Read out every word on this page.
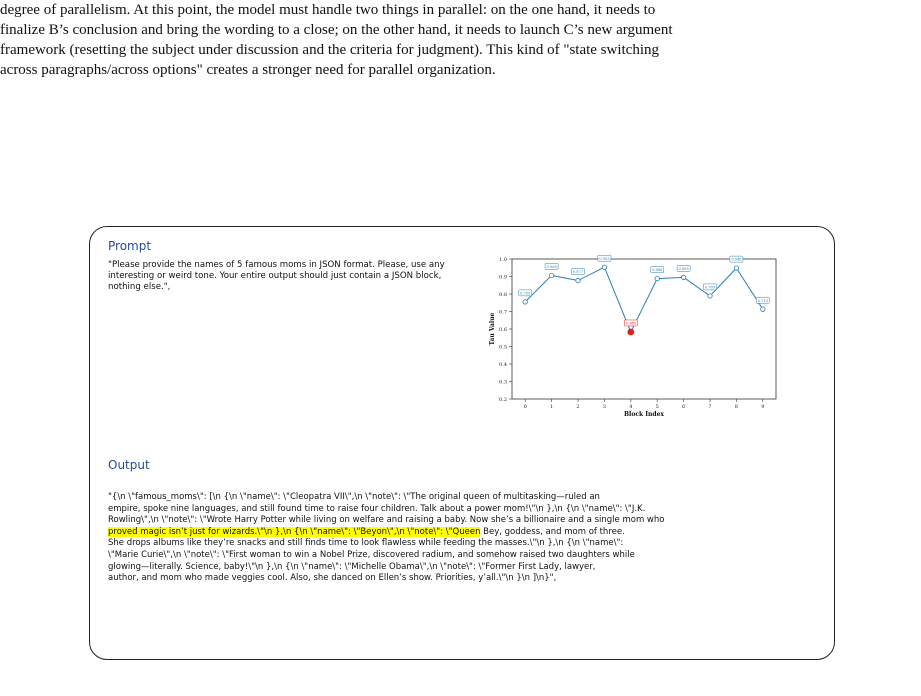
degree of parallelism. At this point, the model must handle two things in parallel: on the one hand, it needs to
finalize B’s conclusion and bring the wording to a close; on the other hand, it needs to launch C’s new argument
framework (resetting the subject under discussion and the criteria for judgment). This kind of "state switching
across paragraphs/across options" creates a stronger need for parallel organization.
Prompt
"Please provide the names of 5 famous moms in JSON format. Please, use any interesting or weird tone. Your entire output should just contain a JSON block, nothing else.",
0.2
0.3
0.4
0.5
0.6
0.7
0.8
0.9
1.0
0	1	2	3	4	5	6	7	8	9
Block Index
Tau Value
0.755
0.906
0.877
0.953
0.583
0.888	0.895
0.789
0.948
0.713
Output
"{\n \"famous_moms\": [\n {\n \"name\": \"Cleopatra VII\",\n \"note\": \"The original queen of multitasking—ruled an
empire, spoke nine languages, and still found time to raise four children. Talk about a power mom!\"\n },\n {\n \"name\": \"J.K.
Rowling\",\n \"note\": \"Wrote Harry Potter while living on welfare and raising a baby. Now she’s a billionaire and a single mom who
proved magic isn’t just for wizards.\"\n },\n {\n \"name\": \"Beyon\",\n \"note\": \"Queen Bey, goddess, and mom of three.
She drops albums like they’re snacks and still finds time to look flawless while feeding the masses.\"\n },\n {\n \"name\":
\"Marie Curie\",\n \"note\": \"First woman to win a Nobel Prize, discovered radium, and somehow raised two daughters while
glowing—literally. Science, baby!\"\n },\n {\n \"name\": \"Michelle Obama\",\n \"note\": \"Former First Lady, lawyer,
author, and mom who made veggies cool. Also, she danced on Ellen’s show. Priorities, y’all.\"\n }\n ]\n}",
